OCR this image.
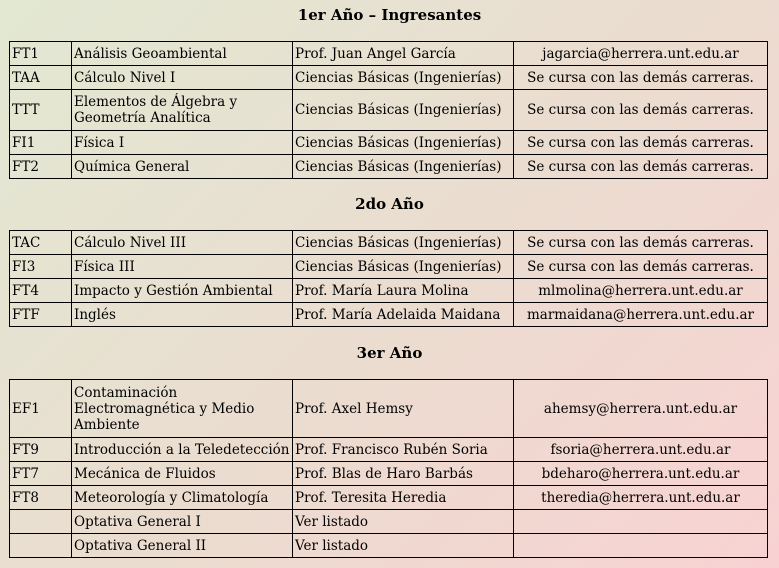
1er Año – Ingresantes
FT1	Análisis Geoambiental	Prof. Juan Angel García	jagarcia@herrera.unt.edu.ar
TAA	Cálculo Nivel I	Ciencias Básicas (Ingenierías)	Se cursa con las demás carreras.
TTT	Elementos de Álgebra y Geometría Analítica	Ciencias Básicas (Ingenierías)	Se cursa con las demás carreras.
FI1	Física I	Ciencias Básicas (Ingenierías)	Se cursa con las demás carreras.
FT2	Química General	Ciencias Básicas (Ingenierías)	Se cursa con las demás carreras.
2do Año
TAC	Cálculo Nivel III	Ciencias Básicas (Ingenierías)	Se cursa con las demás carreras.
FI3	Física III	Ciencias Básicas (Ingenierías)	Se cursa con las demás carreras.
FT4	Impacto y Gestión Ambiental	Prof. María Laura Molina	mlmolina@herrera.unt.edu.ar
FTF	Inglés	Prof. María Adelaida Maidana	marmaidana@herrera.unt.edu.ar
3er Año
EF1	Contaminación Electromagnética y Medio Ambiente	Prof. Axel Hemsy	ahemsy@herrera.unt.edu.ar
FT9	Introducción a la Teledetección	Prof. Francisco Rubén Soria	fsoria@herrera.unt.edu.ar
FT7	Mecánica de Fluidos	Prof. Blas de Haro Barbás	bdeharo@herrera.unt.edu.ar
FT8	Meteorología y Climatología	Prof. Teresita Heredia	theredia@herrera.unt.edu.ar
	Optativa General I	Ver listado	
	Optativa General II	Ver listado	
